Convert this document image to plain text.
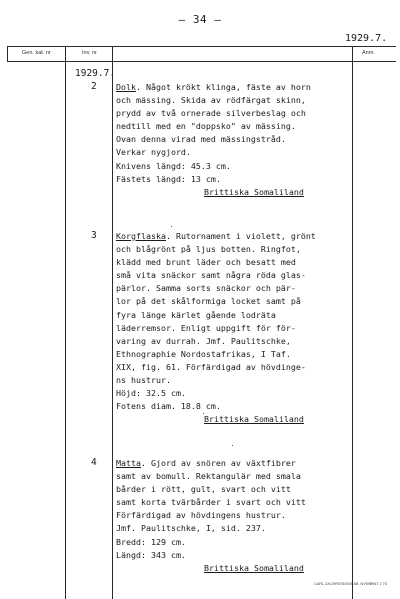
– 34 –
1929.7.
Gen. kat. nr	Inv. nr	Anm.
1929.7.
2 Dolk. Något krökt klinga, fäste av horn
och mässing. Skida av rödfärgat skinn,
prydd av två ornerade silverbeslag och
nedtill med en "doppsko" av mässing.
Ovan denna virad med mässingstråd.
Verkar nygjord.
Knivens längd: 45.3 cm.
Fästets längd: 13 cm.
Brittiska Somaliland
3 Korgflaska. Rutornament i violett, grönt
och blågrönt på ljus botten. Ringfot,
klädd med brunt läder och besatt med
små vita snäckor samt några röda glas-
pärlor. Samma sorts snäckor och pär-
lor på det skålformiga locket samt på
fyra länge kärlet gående lodräta
läderremsor. Enligt uppgift för för-
varing av durrah. Jmf. Paulitschke,
Ethnographie Nordostafrikas, I Taf.
XIX, fig. 61. Förfärdigad av hövdinge-
ns hustrur.
Höjd: 32.5 cm.
Fotens diam. 18.8 cm.
Brittiska Somaliland
4 Matta. Gjord av snören av växtfibrer
samt av bomull. Rektangulär med smala
bårder i rött, gult, svart och vitt
samt korta tvärbårder i svart och vitt
Förfärdigad av hövdingens hustrur.
Jmf. Paulitschke, I, sid. 237.
Bredd: 129 cm.
Längd: 343 cm.
Brittiska Somaliland
CARL ZACHRISSONS AB. NYKR.
8967 2 70
